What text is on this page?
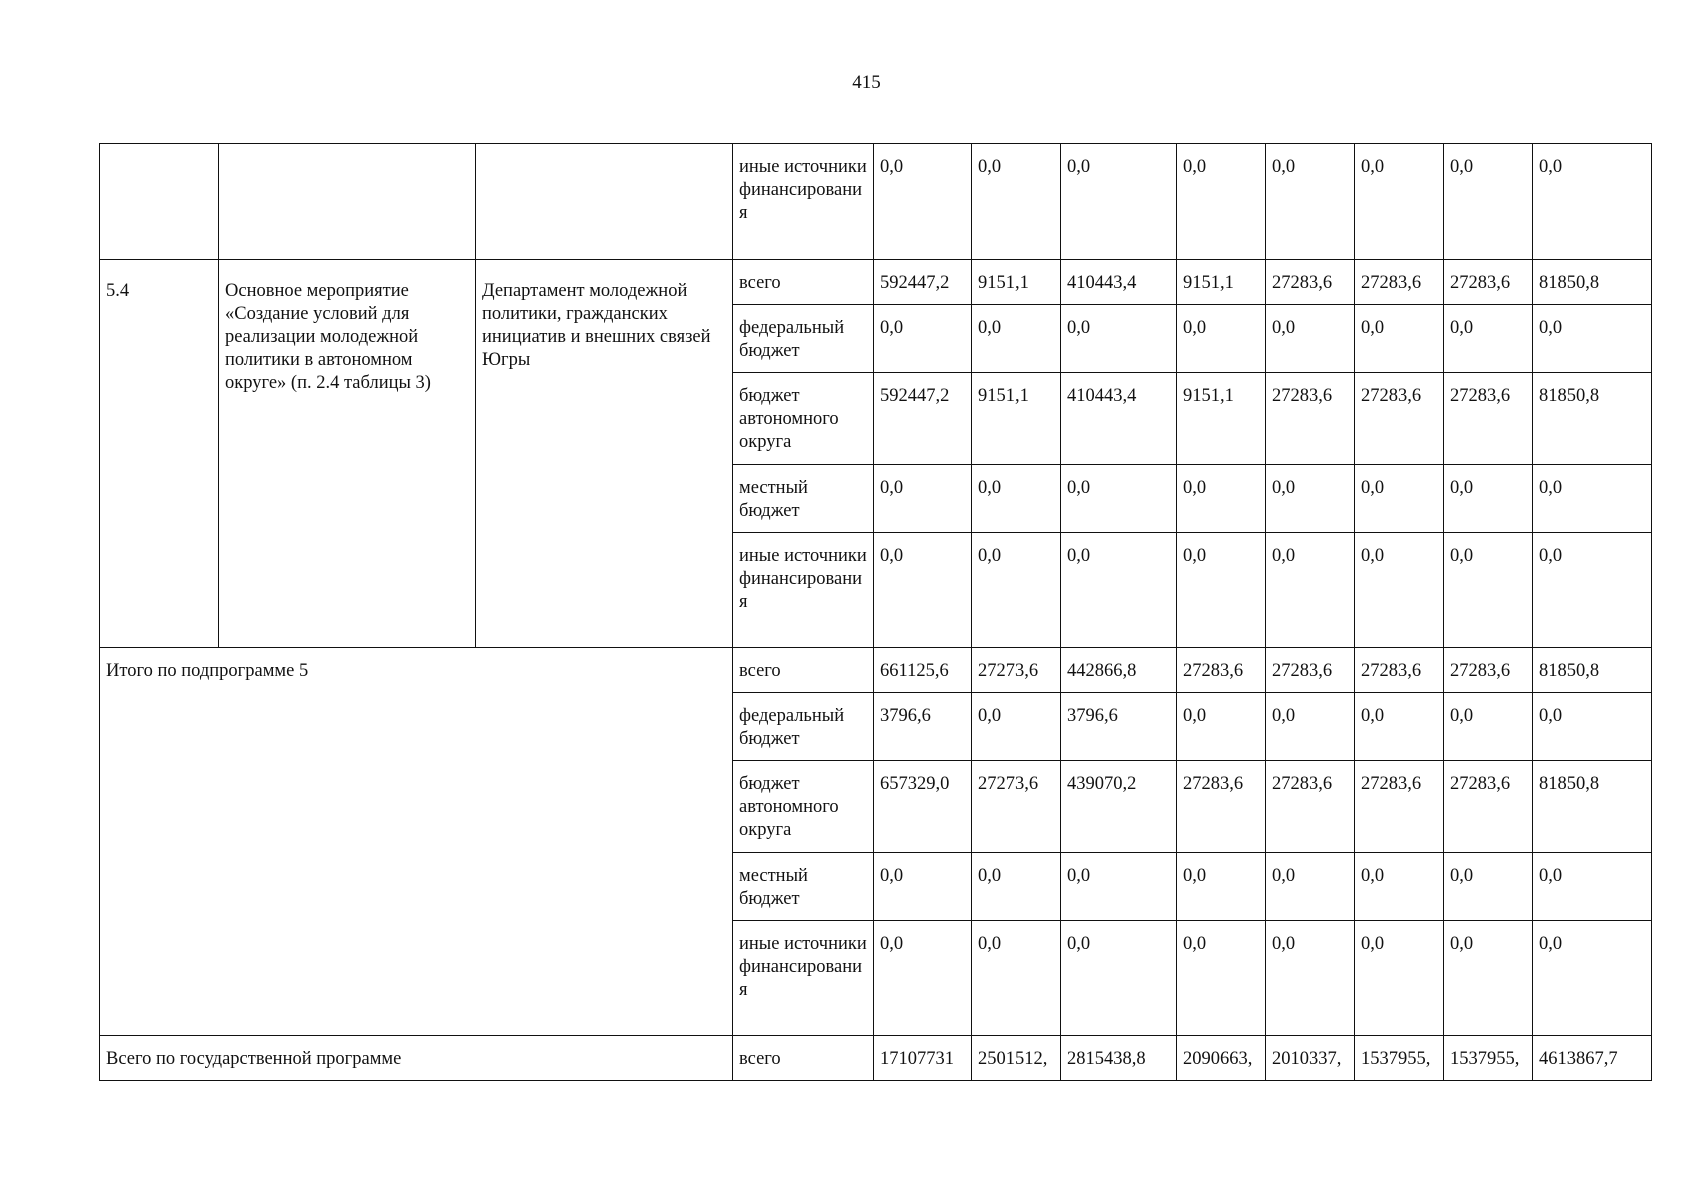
415
			иные источники финансирования	0,0	0,0	0,0	0,0	0,0	0,0	0,0	0,0
5.4	Основное мероприятие «Создание условий для реализации молодежной политики в автономном округе» (п. 2.4 таблицы 3)	Департамент молодежной политики, гражданских инициатив и внешних связей Югры	всего	592447,2	9151,1	410443,4	9151,1	27283,6	27283,6	27283,6	81850,8
			федеральный бюджет	0,0	0,0	0,0	0,0	0,0	0,0	0,0	0,0
			бюджет автономного округа	592447,2	9151,1	410443,4	9151,1	27283,6	27283,6	27283,6	81850,8
			местный бюджет	0,0	0,0	0,0	0,0	0,0	0,0	0,0	0,0
			иные источники финансирования	0,0	0,0	0,0	0,0	0,0	0,0	0,0	0,0
Итого по подпрограмме 5			всего	661125,6	27273,6	442866,8	27283,6	27283,6	27283,6	27283,6	81850,8
			федеральный бюджет	3796,6	0,0	3796,6	0,0	0,0	0,0	0,0	0,0
			бюджет автономного округа	657329,0	27273,6	439070,2	27283,6	27283,6	27283,6	27283,6	81850,8
			местный бюджет	0,0	0,0	0,0	0,0	0,0	0,0	0,0	0,0
			иные источники финансирования	0,0	0,0	0,0	0,0	0,0	0,0	0,0	0,0
Всего по государственной программе			всего	17107731	2501512,	2815438,8	2090663,	2010337,	1537955,	1537955,	4613867,7
